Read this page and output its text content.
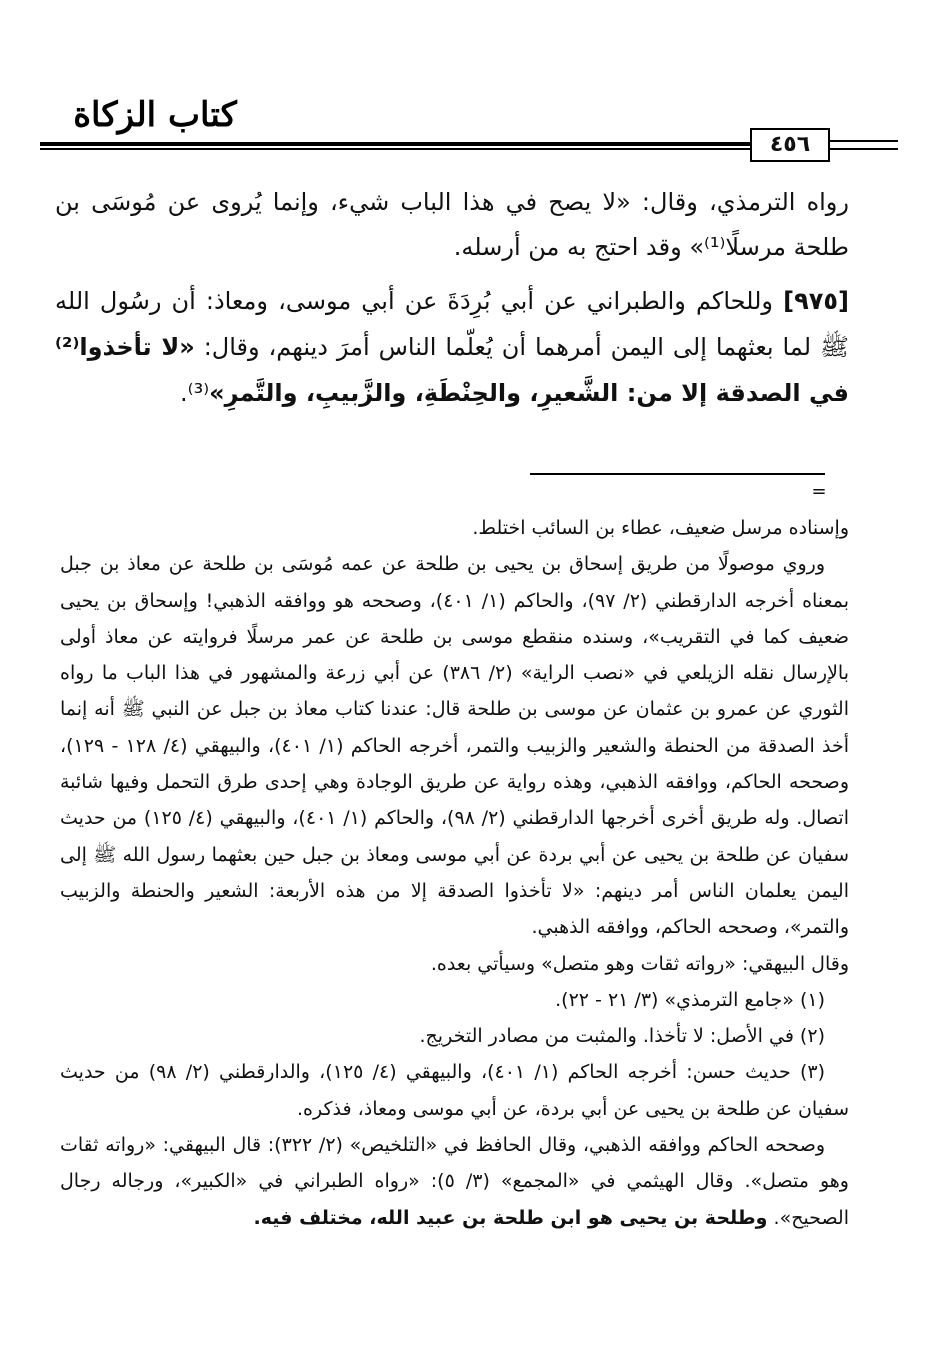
كتاب الزكاة
٤٥٦

رواه الترمذي، وقال: «لا يصح في هذا الباب شيء، وإنما يُروى عن مُوسَى بن طلحة مرسلًا⁽¹⁾» وقد احتج به من أرسله.

[٩٧٥] وللحاكم والطبراني عن أبي بُرِدَةَ عن أبي موسى، ومعاذ: أن رسُول الله ﷺ لما بعثهما إلى اليمن أمرهما أن يُعلّما الناس أمرَ دينهم، وقال: «لا تأخذوا⁽²⁾ في الصدقة إلا من: الشَّعيرِ، والحِنْطَةِ، والزَّبيبِ، والتَّمرِ»⁽³⁾.

=

وإسناده مرسل ضعيف، عطاء بن السائب اختلط.

وروي موصولًا من طريق إسحاق بن يحيى بن طلحة عن عمه مُوسَى بن طلحة عن معاذ بن جبل بمعناه أخرجه الدارقطني (٢/ ٩٧)، والحاكم (١/ ٤٠١)، وصححه هو ووافقه الذهبي! وإسحاق بن يحيى ضعيف كما في التقريب»، وسنده منقطع موسى بن طلحة عن عمر مرسلًا فروايته عن معاذ أولى بالإرسال نقله الزيلعي في «نصب الراية» (٢/ ٣٨٦) عن أبي زرعة والمشهور في هذا الباب ما رواه الثوري عن عمرو بن عثمان عن موسى بن طلحة قال: عندنا كتاب معاذ بن جبل عن النبي ﷺ أنه إنما أخذ الصدقة من الحنطة والشعير والزبيب والتمر، أخرجه الحاكم (١/ ٤٠١)، والبيهقي (٤/ ١٢٨ - ١٢٩)، وصححه الحاكم، ووافقه الذهبي، وهذه رواية عن طريق الوجادة وهي إحدى طرق التحمل وفيها شائبة اتصال. وله طريق أخرى أخرجها الدارقطني (٢/ ٩٨)، والحاكم (١/ ٤٠١)، والبيهقي (٤/ ١٢٥) من حديث سفيان عن طلحة بن يحيى عن أبي بردة عن أبي موسى ومعاذ بن جبل حين بعثهما رسول الله ﷺ إلى اليمن يعلمان الناس أمر دينهم: «لا تأخذوا الصدقة إلا من هذه الأربعة: الشعير والحنطة والزبيب والتمر»، وصححه الحاكم، ووافقه الذهبي.

وقال البيهقي: «رواته ثقات وهو متصل» وسيأتي بعده.

(١) «جامع الترمذي» (٣/ ٢١ - ٢٢).

(٢) في الأصل: لا تأخذا. والمثبت من مصادر التخريج.

(٣) حديث حسن: أخرجه الحاكم (١/ ٤٠١)، والبيهقي (٤/ ١٢٥)، والدارقطني (٢/ ٩٨) من حديث سفيان عن طلحة بن يحيى عن أبي بردة، عن أبي موسى ومعاذ، فذكره.

وصححه الحاكم ووافقه الذهبي، وقال الحافظ في «التلخيص» (٢/ ٣٢٢): قال البيهقي: «رواته ثقات وهو متصل». وقال الهيثمي في «المجمع» (٣/ ٥): «رواه الطبراني في «الكبير»، ورجاله رجال الصحيح». وطلحة بن يحيى هو ابن طلحة بن عبيد الله، مختلف فيه.
